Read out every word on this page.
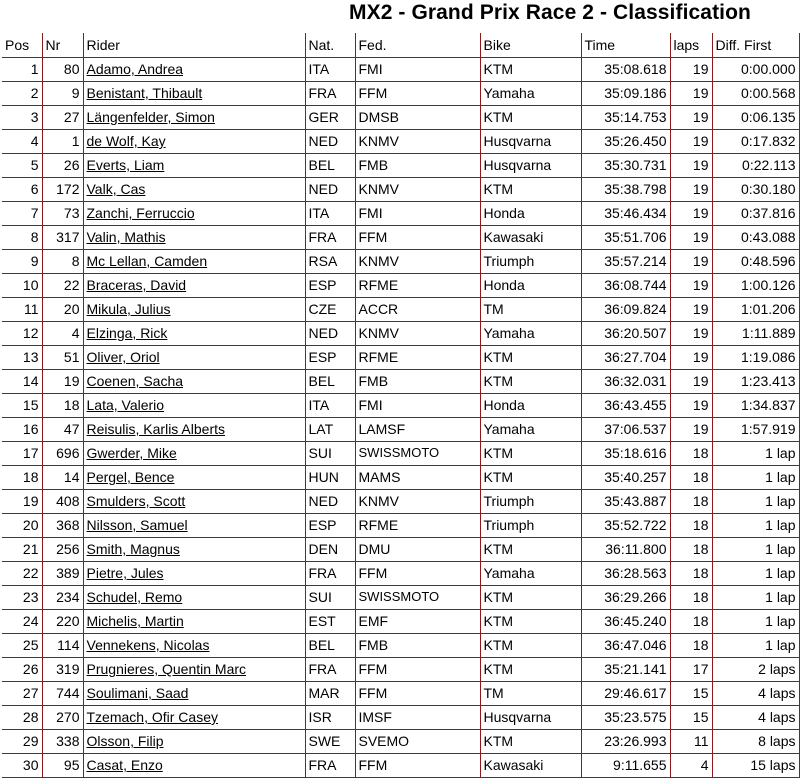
MX2 - Grand Prix Race 2 - Classification
Pos	Nr	Rider	Nat.	Fed.	Bike	Time	laps	Diff. First	
1	80	Adamo, Andrea	ITA	FMI	KTM	35:08.618	19	0:00.000	
2	9	Benistant, Thibault	FRA	FFM	Yamaha	35:09.186	19	0:00.568	
3	27	Längenfelder, Simon	GER	DMSB	KTM	35:14.753	19	0:06.135	
4	1	de Wolf, Kay	NED	KNMV	Husqvarna	35:26.450	19	0:17.832	
5	26	Everts, Liam	BEL	FMB	Husqvarna	35:30.731	19	0:22.113	
6	172	Valk, Cas	NED	KNMV	KTM	35:38.798	19	0:30.180	
7	73	Zanchi, Ferruccio	ITA	FMI	Honda	35:46.434	19	0:37.816	
8	317	Valin, Mathis	FRA	FFM	Kawasaki	35:51.706	19	0:43.088	
9	8	Mc Lellan, Camden	RSA	KNMV	Triumph	35:57.214	19	0:48.596	
10	22	Braceras, David	ESP	RFME	Honda	36:08.744	19	1:00.126	
11	20	Mikula, Julius	CZE	ACCR	TM	36:09.824	19	1:01.206	
12	4	Elzinga, Rick	NED	KNMV	Yamaha	36:20.507	19	1:11.889	
13	51	Oliver, Oriol	ESP	RFME	KTM	36:27.704	19	1:19.086	
14	19	Coenen, Sacha	BEL	FMB	KTM	36:32.031	19	1:23.413	
15	18	Lata, Valerio	ITA	FMI	Honda	36:43.455	19	1:34.837	
16	47	Reisulis, Karlis Alberts	LAT	LAMSF	Yamaha	37:06.537	19	1:57.919	
17	696	Gwerder, Mike	SUI	SWISSMOTO	KTM	35:18.616	18	1 lap	
18	14	Pergel, Bence	HUN	MAMS	KTM	35:40.257	18	1 lap	
19	408	Smulders, Scott	NED	KNMV	Triumph	35:43.887	18	1 lap	
20	368	Nilsson, Samuel	ESP	RFME	Triumph	35:52.722	18	1 lap	
21	256	Smith, Magnus	DEN	DMU	KTM	36:11.800	18	1 lap	
22	389	Pietre, Jules	FRA	FFM	Yamaha	36:28.563	18	1 lap	
23	234	Schudel, Remo	SUI	SWISSMOTO	KTM	36:29.266	18	1 lap	
24	220	Michelis, Martin	EST	EMF	KTM	36:45.240	18	1 lap	
25	114	Vennekens, Nicolas	BEL	FMB	KTM	36:47.046	18	1 lap	
26	319	Prugnieres, Quentin Marc	FRA	FFM	KTM	35:21.141	17	2 laps	
27	744	Soulimani, Saad	MAR	FFM	TM	29:46.617	15	4 laps	
28	270	Tzemach, Ofir Casey	ISR	IMSF	Husqvarna	35:23.575	15	4 laps	
29	338	Olsson, Filip	SWE	SVEMO	KTM	23:26.993	11	8 laps	
30	95	Casat, Enzo	FRA	FFM	Kawasaki	9:11.655	4	15 laps	
